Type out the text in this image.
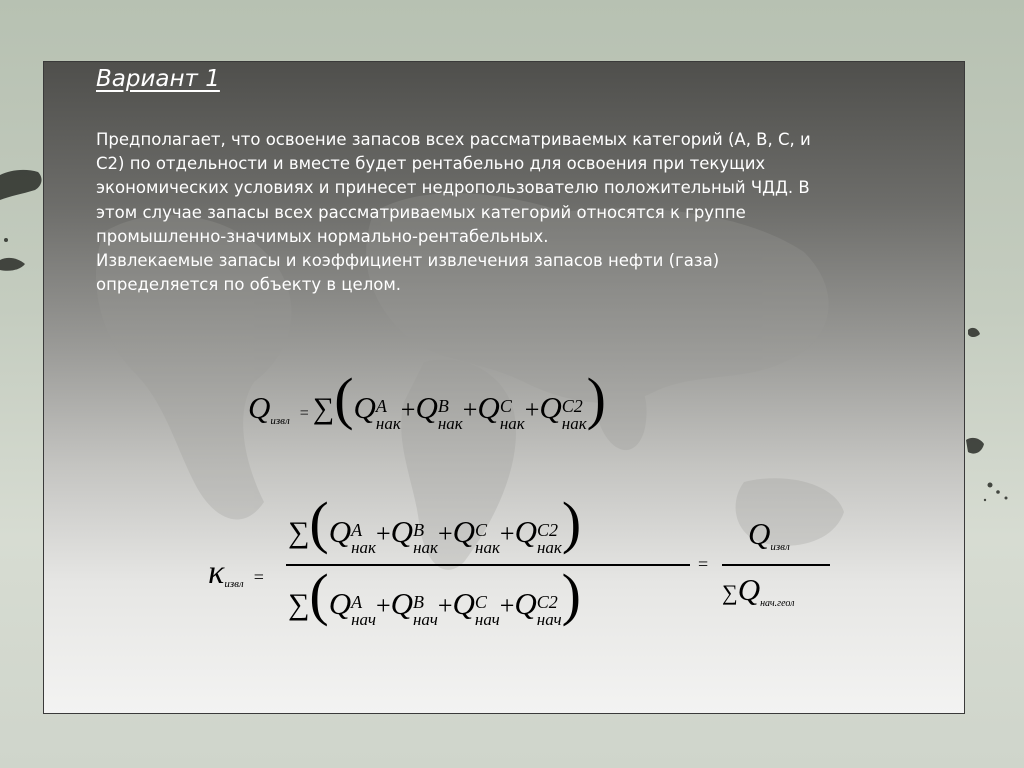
Вариант 1

Предполагает, что освоение запасов всех рассматриваемых категорий (А, В, С, и
С2) по отдельности и вместе будет рентабельно для освоения при текущих
экономических условиях и принесет недропользователю положительный ЧДД. В
этом случае запасы всех рассматриваемых категорий относятся к группе
промышленно-значимых нормально-рентабельных.
Извлекаемые запасы и коэффициент извлечения запасов нефти (газа)
определяется по объекту в целом.

$Q_{извл} = \sum(Q$ A
нак +Q B
нак +Q C
нак +Q C2
нак )
$\kappa_{извл}$ =
∑(Q A
нак +Q B
нак +Q C
нак +Q C2
нак )
∑(Q A
нач +Q B
нач +Q C
нач +Q C2
нач )	=
$Q_{извл}$
$\sum Q_{нач.геол}$
